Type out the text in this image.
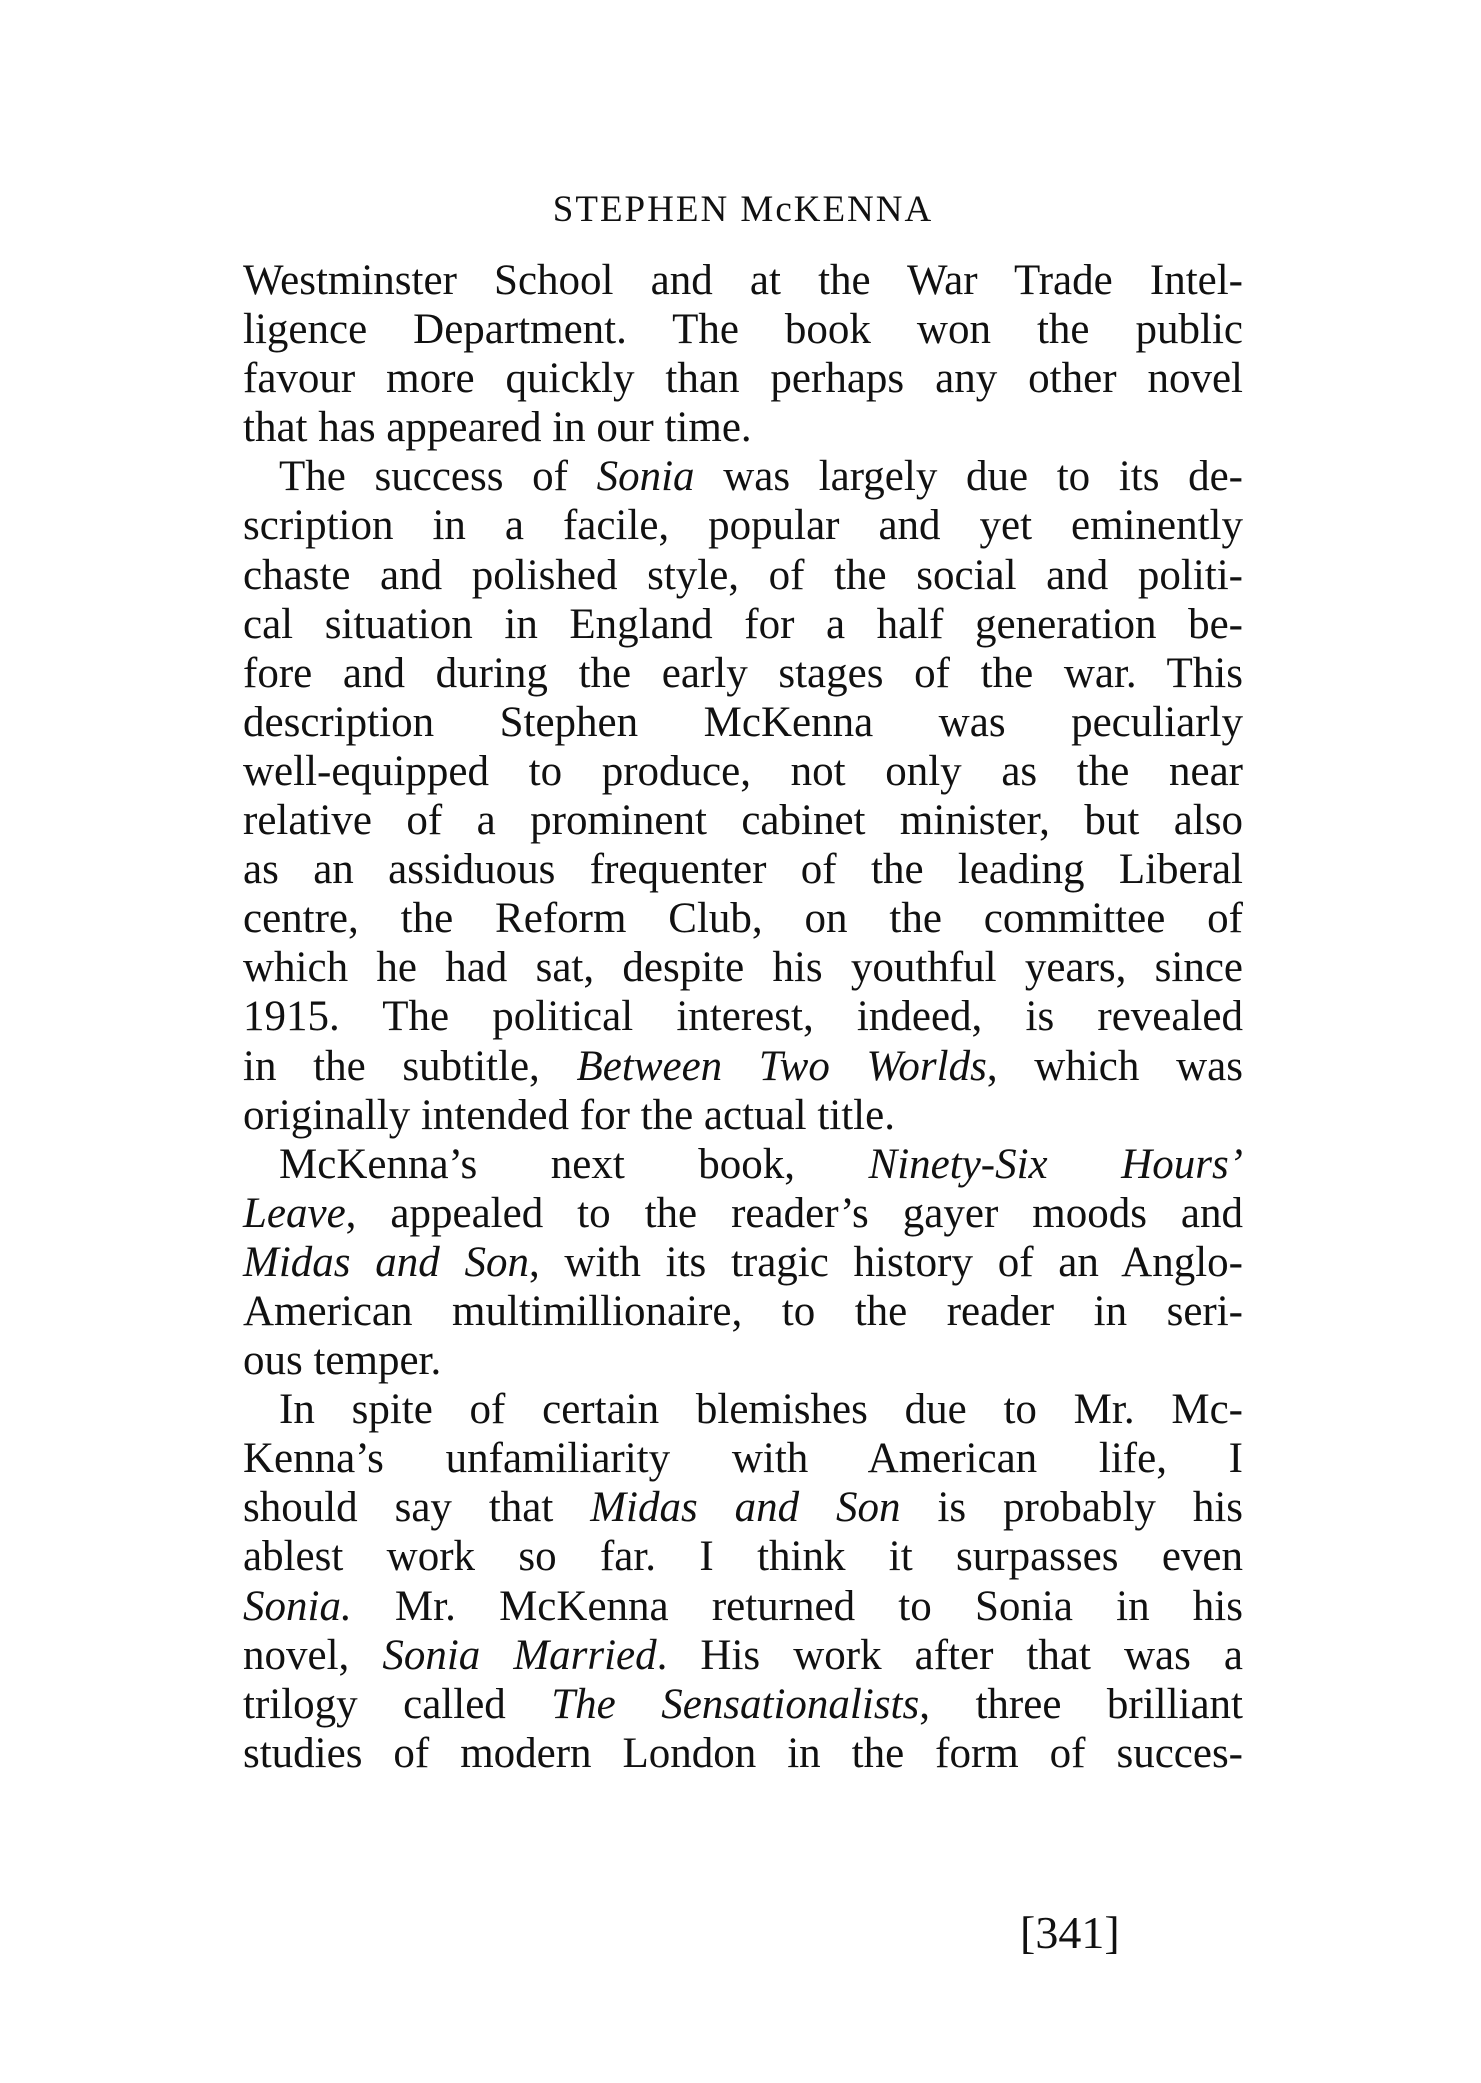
STEPHEN McKENNA
Westminster School and at the War Trade Intel-
ligence Department. The book won the public
favour more quickly than perhaps any other novel
that has appeared in our time.
The success of Sonia was largely due to its de-
scription in a facile, popular and yet eminently
chaste and polished style, of the social and politi-
cal situation in England for a half generation be-
fore and during the early stages of the war. This
description Stephen McKenna was peculiarly
well-equipped to produce, not only as the near
relative of a prominent cabinet minister, but also
as an assiduous frequenter of the leading Liberal
centre, the Reform Club, on the committee of
which he had sat, despite his youthful years, since
1915. The political interest, indeed, is revealed
in the subtitle, Between Two Worlds, which was
originally intended for the actual title.
McKenna’s next book, Ninety-Six Hours’
Leave, appealed to the reader’s gayer moods and
Midas and Son, with its tragic history of an Anglo-
American multimillionaire, to the reader in seri-
ous temper.
In spite of certain blemishes due to Mr. Mc-
Kenna’s unfamiliarity with American life, I
should say that Midas and Son is probably his
ablest work so far. I think it surpasses even
Sonia. Mr. McKenna returned to Sonia in his
novel, Sonia Married. His work after that was a
trilogy called The Sensationalists, three brilliant
studies of modern London in the form of succes-
[341]
